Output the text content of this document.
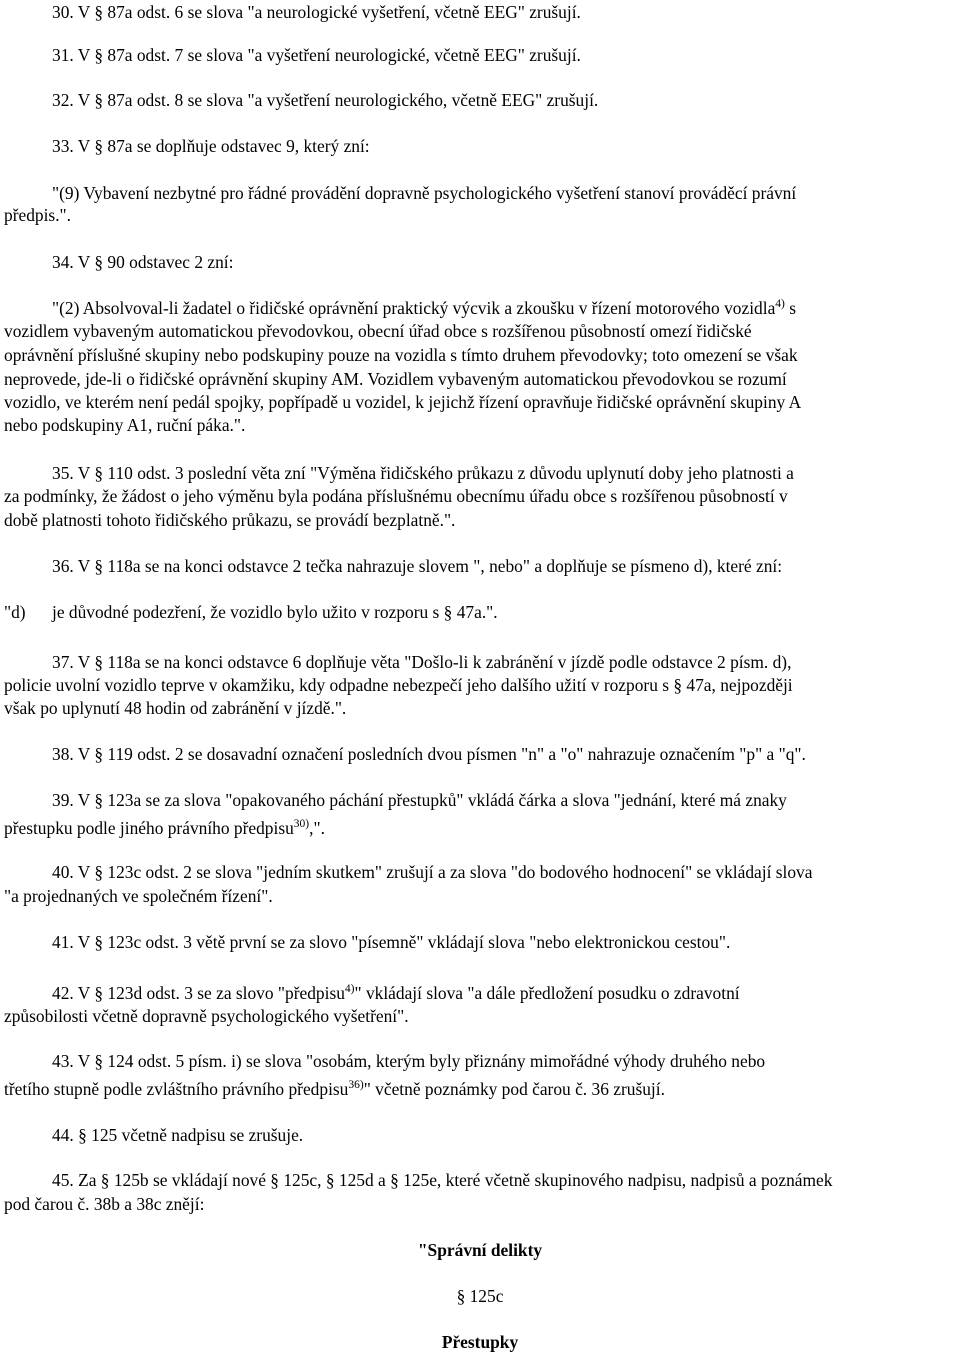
30. V § 87a odst. 6 se slova "a neurologické vyšetření, včetně EEG" zrušují.
31. V § 87a odst. 7 se slova "a vyšetření neurologické, včetně EEG" zrušují.
32. V § 87a odst. 8 se slova "a vyšetření neurologického, včetně EEG" zrušují.
33. V § 87a se doplňuje odstavec 9, který zní:
"(9) Vybavení nezbytné pro řádné provádění dopravně psychologického vyšetření stanoví prováděcí právní
předpis.".
34. V § 90 odstavec 2 zní:
"(2) Absolvoval-li žadatel o řidičské oprávnění praktický výcvik a zkoušku v řízení motorového vozidla$^{4)}$ s
vozidlem vybaveným automatickou převodovkou, obecní úřad obce s rozšířenou působností omezí řidičské
oprávnění příslušné skupiny nebo podskupiny pouze na vozidla s tímto druhem převodovky; toto omezení se však
neprovede, jde-li o řidičské oprávnění skupiny AM. Vozidlem vybaveným automatickou převodovkou se rozumí
vozidlo, ve kterém není pedál spojky, popřípadě u vozidel, k jejichž řízení opravňuje řidičské oprávnění skupiny A
nebo podskupiny A1, ruční páka.".
35. V § 110 odst. 3 poslední věta zní "Výměna řidičského průkazu z důvodu uplynutí doby jeho platnosti a
za podmínky, že žádost o jeho výměnu byla podána příslušnému obecnímu úřadu obce s rozšířenou působností v
době platnosti tohoto řidičského průkazu, se provádí bezplatně.".
36. V § 118a se na konci odstavce 2 tečka nahrazuje slovem ", nebo" a doplňuje se písmeno d), které zní:
"d)	je důvodné podezření, že vozidlo bylo užito v rozporu s § 47a.".
37. V § 118a se na konci odstavce 6 doplňuje věta "Došlo-li k zabránění v jízdě podle odstavce 2 písm. d),
policie uvolní vozidlo teprve v okamžiku, kdy odpadne nebezpečí jeho dalšího užití v rozporu s § 47a, nejpozději
však po uplynutí 48 hodin od zabránění v jízdě.".
38. V § 119 odst. 2 se dosavadní označení posledních dvou písmen "n" a "o" nahrazuje označením "p" a "q".
39. V § 123a se za slova "opakovaného páchání přestupků" vkládá čárka a slova "jednání, které má znaky
přestupku podle jiného právního předpisu$^{30)}$,".
40. V § 123c odst. 2 se slova "jedním skutkem" zrušují a za slova "do bodového hodnocení" se vkládají slova
"a projednaných ve společném řízení".
41. V § 123c odst. 3 větě první se za slovo "písemně" vkládají slova "nebo elektronickou cestou".
42. V § 123d odst. 3 se za slovo "předpisu$^{4)}$" vkládají slova "a dále předložení posudku o zdravotní
způsobilosti včetně dopravně psychologického vyšetření".
43. V § 124 odst. 5 písm. i) se slova "osobám, kterým byly přiznány mimořádné výhody druhého nebo
třetího stupně podle zvláštního právního předpisu$^{36)}$" včetně poznámky pod čarou č. 36 zrušují.
44. § 125 včetně nadpisu se zrušuje.
45. Za § 125b se vkládají nové § 125c, § 125d a § 125e, které včetně skupinového nadpisu, nadpisů a poznámek
pod čarou č. 38b a 38c znějí:
"Správní delikty
§ 125c
Přestupky
